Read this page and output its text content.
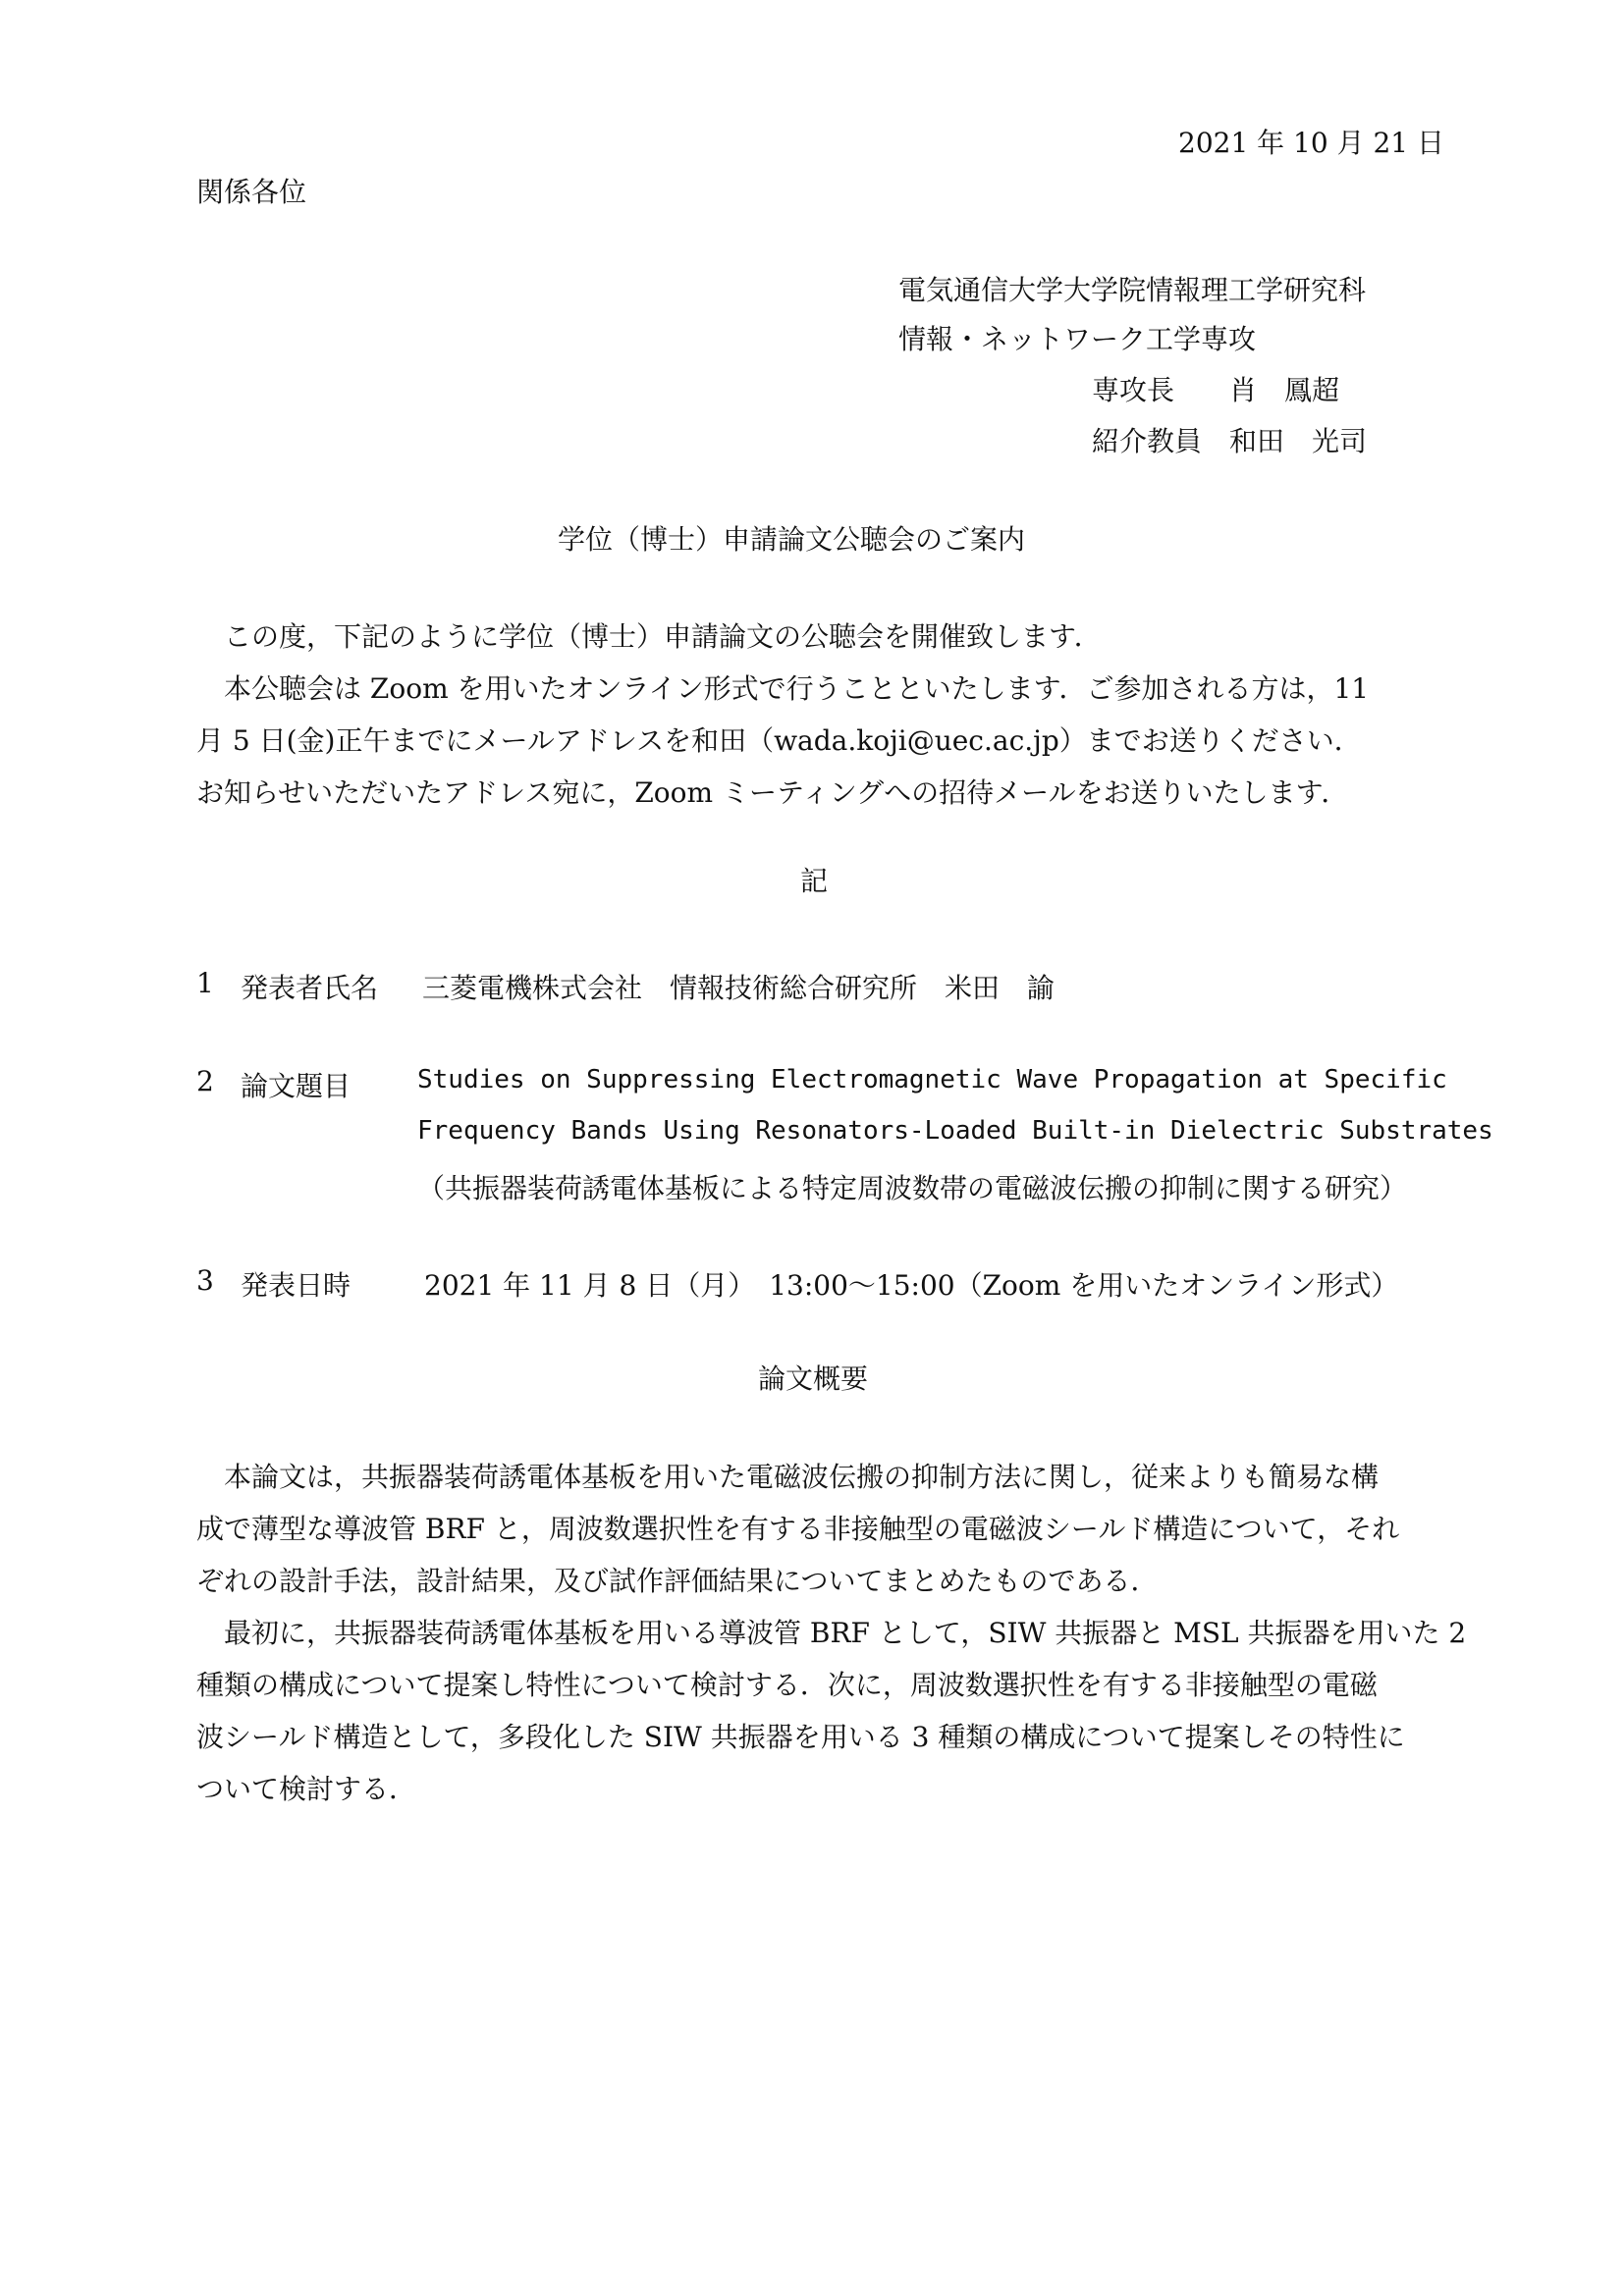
2021 年 10 月 21 日
関係各位
電気通信大学大学院情報理工学研究科
情報・ネットワーク工学専攻
専攻長　　肖　鳳超
紹介教員　和田　光司
学位（博士）申請論文公聴会のご案内
この度，下記のように学位（博士）申請論文の公聴会を開催致します．
本公聴会は Zoom を用いたオンライン形式で行うことといたします．ご参加される方は，11
月 5 日(金)正午までにメールアドレスを和田（wada.koji@uec.ac.jp）までお送りください．
お知らせいただいたアドレス宛に，Zoom ミーティングへの招待メールをお送りいたします．
記
1 発表者氏名 三菱電機株式会社　情報技術総合研究所　米田　諭
2 論文題目	Studies on Suppressing Electromagnetic Wave Propagation at Specific
Frequency Bands Using Resonators-Loaded Built-in Dielectric Substrates
（共振器装荷誘電体基板による特定周波数帯の電磁波伝搬の抑制に関する研究）
3 発表日時	2021 年 11 月 8 日（月）　13:00～15:00（Zoom を用いたオンライン形式）
論文概要
本論文は，共振器装荷誘電体基板を用いた電磁波伝搬の抑制方法に関し，従来よりも簡易な構
成で薄型な導波管 BRF と，周波数選択性を有する非接触型の電磁波シールド構造について，それ
ぞれの設計手法，設計結果，及び試作評価結果についてまとめたものである．
最初に，共振器装荷誘電体基板を用いる導波管 BRF として，SIW 共振器と MSL 共振器を用いた 2
種類の構成について提案し特性について検討する．次に，周波数選択性を有する非接触型の電磁
波シールド構造として，多段化した SIW 共振器を用いる 3 種類の構成について提案しその特性に
ついて検討する．
